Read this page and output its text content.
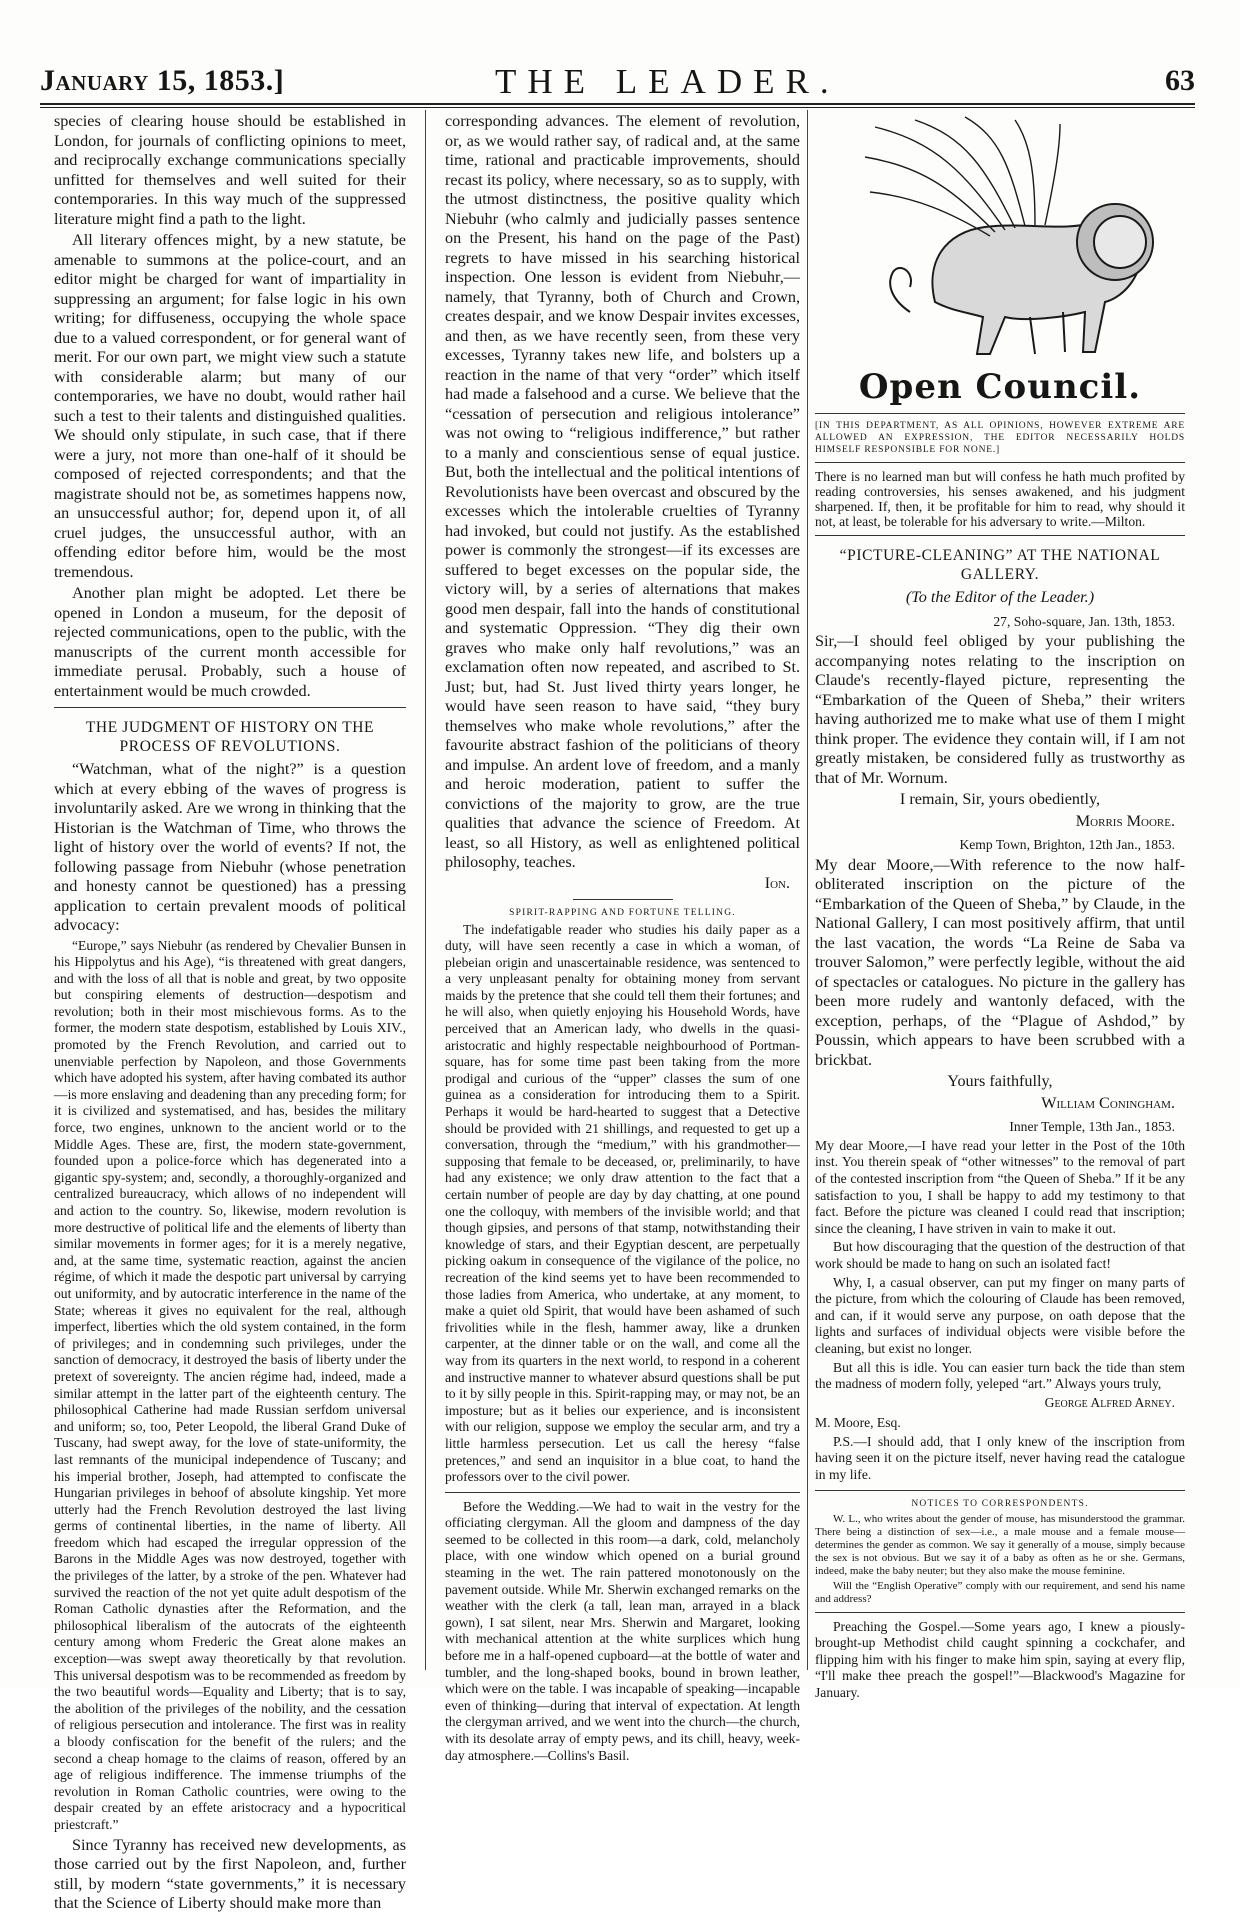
January 15, 1853.]	THE LEADER.	63

species of clearing house should be established in London, for journals of conflicting opinions to meet, and reciprocally exchange communications specially unfitted for themselves and well suited for their contemporaries. In this way much of the suppressed literature might find a path to the light.

All literary offences might, by a new statute, be amenable to summons at the police-court, and an editor might be charged for want of impartiality in suppressing an argument; for false logic in his own writing; for diffuseness, occupying the whole space due to a valued correspondent, or for general want of merit. For our own part, we might view such a statute with considerable alarm; but many of our contemporaries, we have no doubt, would rather hail such a test to their talents and distinguished qualities. We should only stipulate, in such case, that if there were a jury, not more than one-half of it should be composed of rejected correspondents; and that the magistrate should not be, as sometimes happens now, an unsuccessful author; for, depend upon it, of all cruel judges, the unsuccessful author, with an offending editor before him, would be the most tremendous.

Another plan might be adopted. Let there be opened in London a museum, for the deposit of rejected communications, open to the public, with the manuscripts of the current month accessible for immediate perusal. Probably, such a house of entertainment would be much crowded.

THE JUDGMENT OF HISTORY ON THE PROCESS OF REVOLUTIONS.

“Watchman, what of the night?” is a question which at every ebbing of the waves of progress is involuntarily asked. Are we wrong in thinking that the Historian is the Watchman of Time, who throws the light of history over the world of events? If not, the following passage from Niebuhr (whose penetration and honesty cannot be questioned) has a pressing application to certain prevalent moods of political advocacy:

“Europe,” says Niebuhr (as rendered by Chevalier Bunsen in his Hippolytus and his Age), “is threatened with great dangers, and with the loss of all that is noble and great, by two opposite but conspiring elements of destruction—despotism and revolution; both in their most mischievous forms. As to the former, the modern state despotism, established by Louis XIV., promoted by the French Revolution, and carried out to unenviable perfection by Napoleon, and those Governments which have adopted his system, after having combated its author—is more enslaving and deadening than any preceding form; for it is civilized and systematised, and has, besides the military force, two engines, unknown to the ancient world or to the Middle Ages. These are, first, the modern state-government, founded upon a police-force which has degenerated into a gigantic spy-system; and, secondly, a thoroughly-organized and centralized bureaucracy, which allows of no independent will and action to the country. So, likewise, modern revolution is more destructive of political life and the elements of liberty than similar movements in former ages; for it is a merely negative, and, at the same time, systematic reaction, against the ancien régime, of which it made the despotic part universal by carrying out uniformity, and by autocratic interference in the name of the State; whereas it gives no equivalent for the real, although imperfect, liberties which the old system contained, in the form of privileges; and in condemning such privileges, under the sanction of democracy, it destroyed the basis of liberty under the pretext of sovereignty. The ancien régime had, indeed, made a similar attempt in the latter part of the eighteenth century. The philosophical Catherine had made Russian serfdom universal and uniform; so, too, Peter Leopold, the liberal Grand Duke of Tuscany, had swept away, for the love of state-uniformity, the last remnants of the municipal independence of Tuscany; and his imperial brother, Joseph, had attempted to confiscate the Hungarian privileges in behoof of absolute kingship. Yet more utterly had the French Revolution destroyed the last living germs of continental liberties, in the name of liberty. All freedom which had escaped the irregular oppression of the Barons in the Middle Ages was now destroyed, together with the privileges of the latter, by a stroke of the pen. Whatever had survived the reaction of the not yet quite adult despotism of the Roman Catholic dynasties after the Reformation, and the philosophical liberalism of the autocrats of the eighteenth century among whom Frederic the Great alone makes an exception—was swept away theoretically by that revolution. This universal despotism was to be recommended as freedom by the two beautiful words—Equality and Liberty; that is to say, the abolition of the privileges of the nobility, and the cessation of religious persecution and intolerance. The first was in reality a bloody confiscation for the benefit of the rulers; and the second a cheap homage to the claims of reason, offered by an age of religious indifference. The immense triumphs of the revolution in Roman Catholic countries, were owing to the despair created by an effete aristocracy and a hypocritical priestcraft.”

Since Tyranny has received new developments, as those carried out by the first Napoleon, and, further still, by modern “state governments,” it is necessary that the Science of Liberty should make more than

corresponding advances. The element of revolution, or, as we would rather say, of radical and, at the same time, rational and practicable improvements, should recast its policy, where necessary, so as to supply, with the utmost distinctness, the positive quality which Niebuhr (who calmly and judicially passes sentence on the Present, his hand on the page of the Past) regrets to have missed in his searching historical inspection. One lesson is evident from Niebuhr,—namely, that Tyranny, both of Church and Crown, creates despair, and we know Despair invites excesses, and then, as we have recently seen, from these very excesses, Tyranny takes new life, and bolsters up a reaction in the name of that very “order” which itself had made a falsehood and a curse. We believe that the “cessation of persecution and religious intolerance” was not owing to “religious indifference,” but rather to a manly and conscientious sense of equal justice. But, both the intellectual and the political intentions of Revolutionists have been overcast and obscured by the excesses which the intolerable cruelties of Tyranny had invoked, but could not justify. As the established power is commonly the strongest—if its excesses are suffered to beget excesses on the popular side, the victory will, by a series of alternations that makes good men despair, fall into the hands of constitutional and systematic Oppression. “They dig their own graves who make only half revolutions,” was an exclamation often now repeated, and ascribed to St. Just; but, had St. Just lived thirty years longer, he would have seen reason to have said, “they bury themselves who make whole revolutions,” after the favourite abstract fashion of the politicians of theory and impulse. An ardent love of freedom, and a manly and heroic moderation, patient to suffer the convictions of the majority to grow, are the true qualities that advance the science of Freedom. At least, so all History, as well as enlightened political philosophy, teaches.

Ion.
SPIRIT-RAPPING AND FORTUNE TELLING.

The indefatigable reader who studies his daily paper as a duty, will have seen recently a case in which a woman, of plebeian origin and unascertainable residence, was sentenced to a very unpleasant penalty for obtaining money from servant maids by the pretence that she could tell them their fortunes; and he will also, when quietly enjoying his Household Words, have perceived that an American lady, who dwells in the quasi-aristocratic and highly respectable neighbourhood of Portman-square, has for some time past been taking from the more prodigal and curious of the “upper” classes the sum of one guinea as a consideration for introducing them to a Spirit. Perhaps it would be hard-hearted to suggest that a Detective should be provided with 21 shillings, and requested to get up a conversation, through the “medium,” with his grandmother—supposing that female to be deceased, or, preliminarily, to have had any existence; we only draw attention to the fact that a certain number of people are day by day chatting, at one pound one the colloquy, with members of the invisible world; and that though gipsies, and persons of that stamp, notwithstanding their knowledge of stars, and their Egyptian descent, are perpetually picking oakum in consequence of the vigilance of the police, no recreation of the kind seems yet to have been recommended to those ladies from America, who undertake, at any moment, to make a quiet old Spirit, that would have been ashamed of such frivolities while in the flesh, hammer away, like a drunken carpenter, at the dinner table or on the wall, and come all the way from its quarters in the next world, to respond in a coherent and instructive manner to whatever absurd questions shall be put to it by silly people in this. Spirit-rapping may, or may not, be an imposture; but as it belies our experience, and is inconsistent with our religion, suppose we employ the secular arm, and try a little harmless persecution. Let us call the heresy “false pretences,” and send an inquisitor in a blue coat, to hand the professors over to the civil power.

Before the Wedding.—We had to wait in the vestry for the officiating clergyman. All the gloom and dampness of the day seemed to be collected in this room—a dark, cold, melancholy place, with one window which opened on a burial ground steaming in the wet. The rain pattered monotonously on the pavement outside. While Mr. Sherwin exchanged remarks on the weather with the clerk (a tall, lean man, arrayed in a black gown), I sat silent, near Mrs. Sherwin and Margaret, looking with mechanical attention at the white surplices which hung before me in a half-opened cupboard—at the bottle of water and tumbler, and the long-shaped books, bound in brown leather, which were on the table. I was incapable of speaking—incapable even of thinking—during that interval of expectation. At length the clergyman arrived, and we went into the church—the church, with its desolate array of empty pews, and its chill, heavy, week-day atmosphere.—Collins's Basil.

Open Council.

[IN THIS DEPARTMENT, AS ALL OPINIONS, HOWEVER EXTREME ARE ALLOWED AN EXPRESSION, THE EDITOR NECESSARILY HOLDS HIMSELF RESPONSIBLE FOR NONE.]

There is no learned man but will confess he hath much profited by reading controversies, his senses awakened, and his judgment sharpened. If, then, it be profitable for him to read, why should it not, at least, be tolerable for his adversary to write.—Milton.

“PICTURE-CLEANING” AT THE NATIONAL GALLERY.
(To the Editor of the Leader.)

27, Soho-square, Jan. 13th, 1853.

Sir,—I should feel obliged by your publishing the accompanying notes relating to the inscription on Claude's recently-flayed picture, representing the “Embarkation of the Queen of Sheba,” their writers having authorized me to make what use of them I might think proper. The evidence they contain will, if I am not greatly mistaken, be considered fully as trustworthy as that of Mr. Wornum.

I remain, Sir, yours obediently,

Morris Moore.

Kemp Town, Brighton, 12th Jan., 1853.

My dear Moore,—With reference to the now half-obliterated inscription on the picture of the “Embarkation of the Queen of Sheba,” by Claude, in the National Gallery, I can most positively affirm, that until the last vacation, the words “La Reine de Saba va trouver Salomon,” were perfectly legible, without the aid of spectacles or catalogues. No picture in the gallery has been more rudely and wantonly defaced, with the exception, perhaps, of the “Plague of Ashdod,” by Poussin, which appears to have been scrubbed with a brickbat.

Yours faithfully,

William Coningham.

Inner Temple, 13th Jan., 1853.

My dear Moore,—I have read your letter in the Post of the 10th inst. You therein speak of “other witnesses” to the removal of part of the contested inscription from “the Queen of Sheba.” If it be any satisfaction to you, I shall be happy to add my testimony to that fact. Before the picture was cleaned I could read that inscription; since the cleaning, I have striven in vain to make it out.

But how discouraging that the question of the destruction of that work should be made to hang on such an isolated fact!

Why, I, a casual observer, can put my finger on many parts of the picture, from which the colouring of Claude has been removed, and can, if it would serve any purpose, on oath depose that the lights and surfaces of individual objects were visible before the cleaning, but exist no longer.

But all this is idle. You can easier turn back the tide than stem the madness of modern folly, yeleped “art.” Always yours truly,

George Alfred Arney.

M. Moore, Esq.

P.S.—I should add, that I only knew of the inscription from having seen it on the picture itself, never having read the catalogue in my life.

NOTICES TO CORRESPONDENTS.

W. L., who writes about the gender of mouse, has misunderstood the grammar. There being a distinction of sex—i.e., a male mouse and a female mouse—determines the gender as common. We say it generally of a mouse, simply because the sex is not obvious. But we say it of a baby as often as he or she. Germans, indeed, make the baby neuter; but they also make the mouse feminine.

Will the “English Operative” comply with our requirement, and send his name and address?

Preaching the Gospel.—Some years ago, I knew a piously-brought-up Methodist child caught spinning a cockchafer, and flipping him with his finger to make him spin, saying at every flip, “I'll make thee preach the gospel!”—Blackwood's Magazine for January.
